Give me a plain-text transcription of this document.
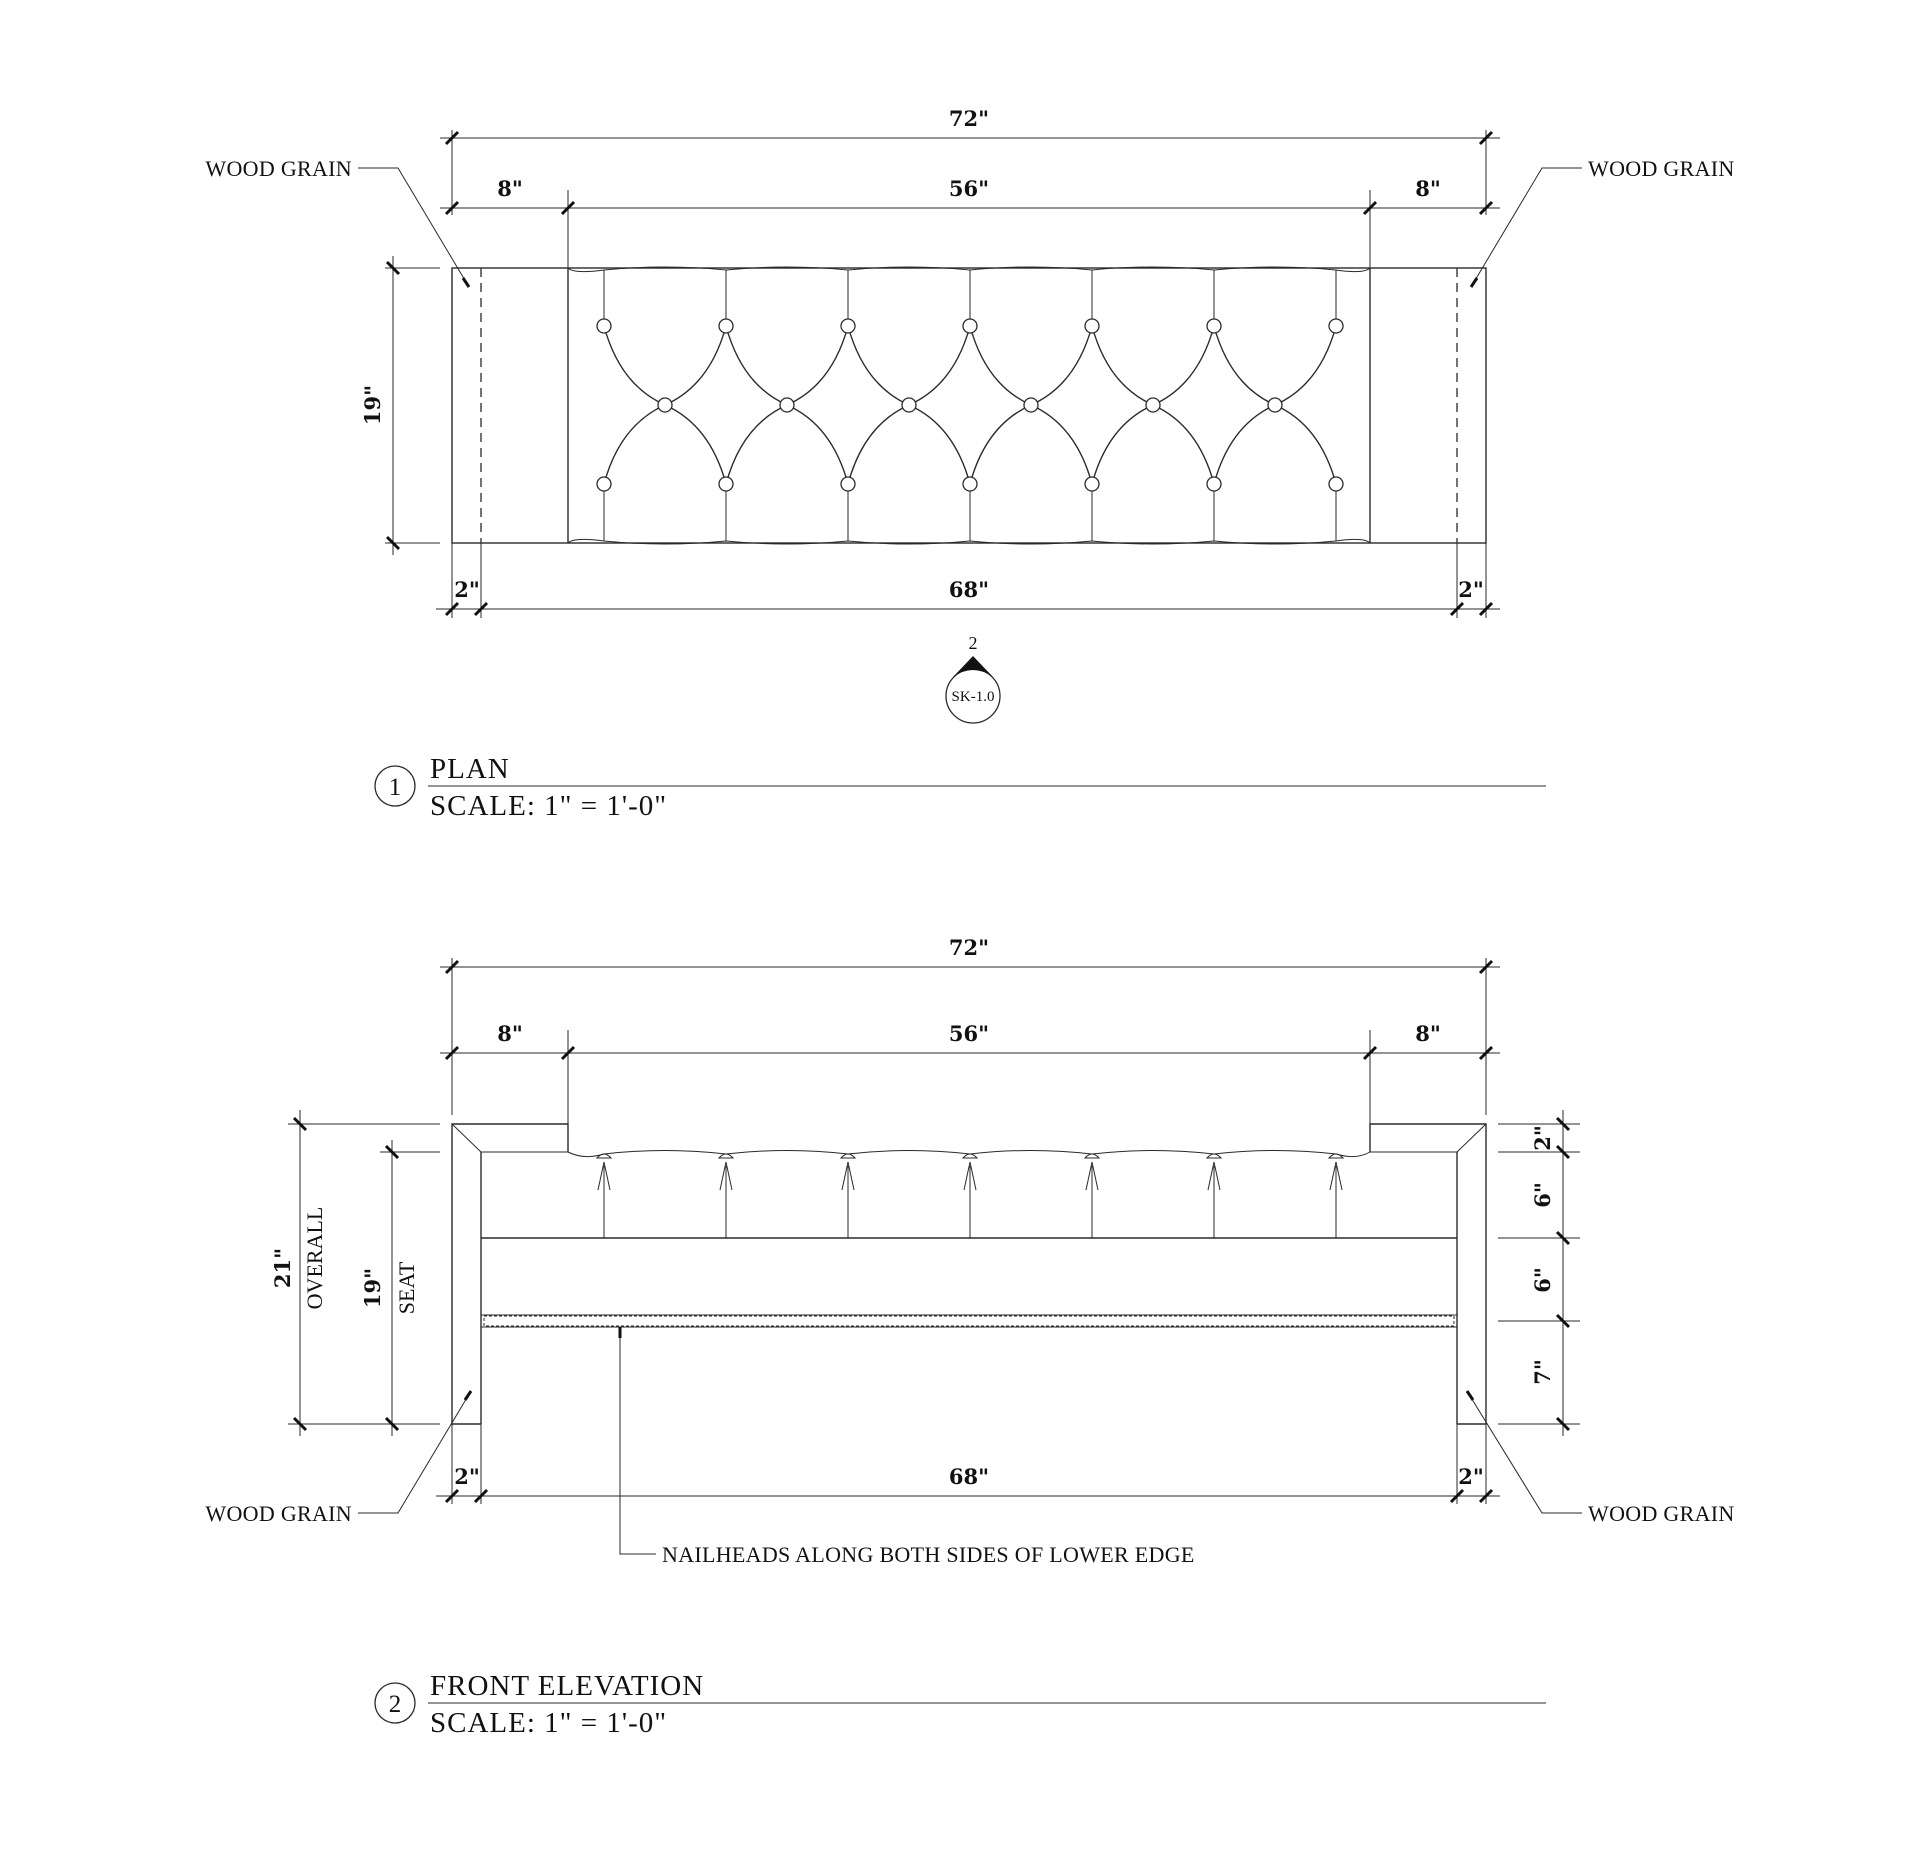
72"
8"	56"	8"
19"
WOOD GRAIN	WOOD GRAIN
2"	68"	2"
2
SK-1.0
1
PLAN
SCALE: 1" = 1'-0"
72"
8"	56"	8"
21" OVERALL 19" SEAT
2"
6"
6"
7"
2"	68"	2"
WOOD GRAIN	WOOD GRAIN
NAILHEADS ALONG BOTH SIDES OF LOWER EDGE
2
FRONT ELEVATION
SCALE: 1" = 1'-0"
